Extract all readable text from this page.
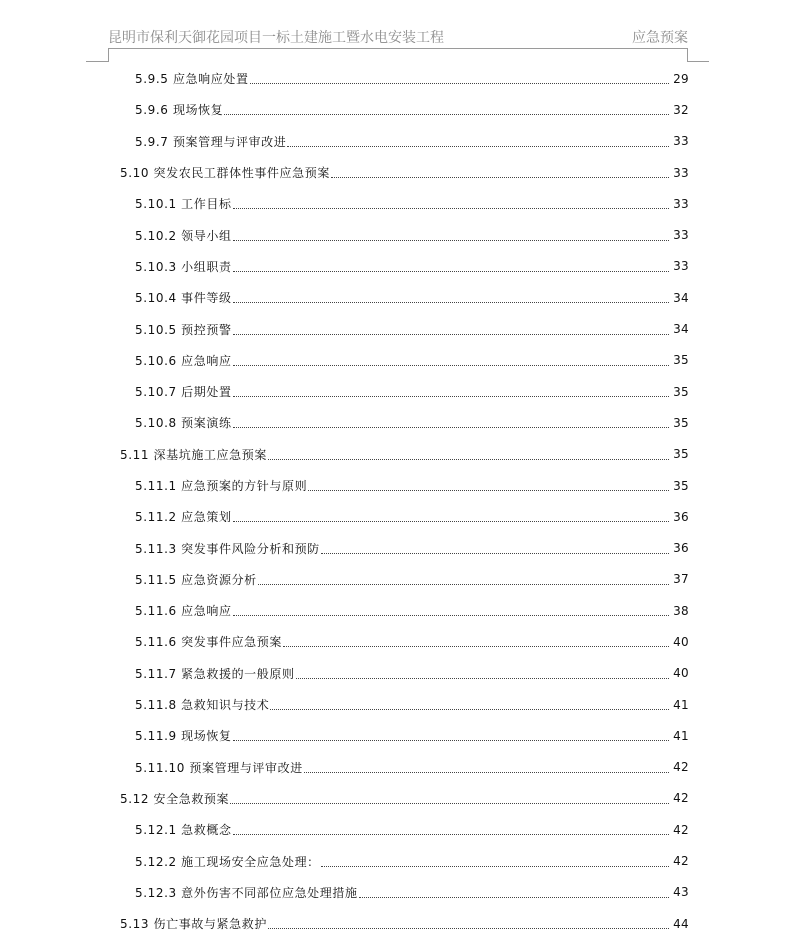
昆明市保利天御花园项目一标土建施工暨水电安装工程	应急预案
5.9.5 应急响应处置	29
5.9.6 现场恢复	32
5.9.7 预案管理与评审改进	33
5.10 突发农民工群体性事件应急预案	33
5.10.1 工作目标	33
5.10.2 领导小组	33
5.10.3 小组职责	33
5.10.4 事件等级	34
5.10.5 预控预警	34
5.10.6 应急响应	35
5.10.7 后期处置	35
5.10.8 预案演练	35
5.11 深基坑施工应急预案	35
5.11.1 应急预案的方针与原则	35
5.11.2 应急策划	36
5.11.3 突发事件风险分析和预防	36
5.11.5 应急资源分析	37
5.11.6 应急响应	38
5.11.6 突发事件应急预案	40
5.11.7 紧急救援的一般原则	40
5.11.8 急救知识与技术	41
5.11.9 现场恢复	41
5.11.10 预案管理与评审改进	42
5.12 安全急救预案	42
5.12.1 急救概念	42
5.12.2 施工现场安全应急处理：	42
5.12.3 意外伤害不同部位应急处理措施	43
5.13 伤亡事故与紧急救护	44
